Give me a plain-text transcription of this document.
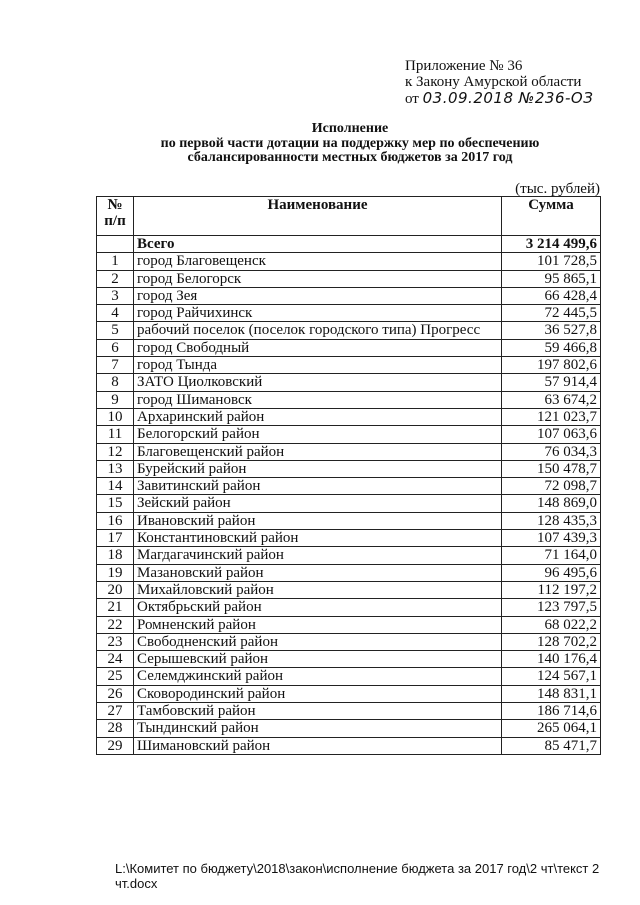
Приложение № 36
к Закону Амурской области
от 03.09.2018 №236-ОЗ
Исполнение
по первой части дотации на поддержку мер по обеспечению
сбалансированности местных бюджетов за 2017 год
(тыс. рублей)
№ п/п	Наименование	Сумма
	Всего	3 214 499,6
1	город Благовещенск	101 728,5
2	город Белогорск	95 865,1
3	город Зея	66 428,4
4	город Райчихинск	72 445,5
5	рабочий поселок (поселок городского типа) Прогресс	36 527,8
6	город Свободный	59 466,8
7	город Тында	197 802,6
8	ЗАТО Циолковский	57 914,4
9	город Шимановск	63 674,2
10	Архаринский район	121 023,7
11	Белогорский район	107 063,6
12	Благовещенский район	76 034,3
13	Бурейский район	150 478,7
14	Завитинский район	72 098,7
15	Зейский район	148 869,0
16	Ивановский район	128 435,3
17	Константиновский район	107 439,3
18	Магдагачинский район	71 164,0
19	Мазановский район	96 495,6
20	Михайловский район	112 197,2
21	Октябрьский район	123 797,5
22	Ромненский район	68 022,2
23	Свободненский район	128 702,2
24	Серышевский район	140 176,4
25	Селемджинский район	124 567,1
26	Сковородинский район	148 831,1
27	Тамбовский район	186 714,6
28	Тындинский район	265 064,1
29	Шимановский район	85 471,7
L:\Комитет по бюджету\2018\закон\исполнение бюджета за 2017 год\2 чт\текст 2 чт.docx
